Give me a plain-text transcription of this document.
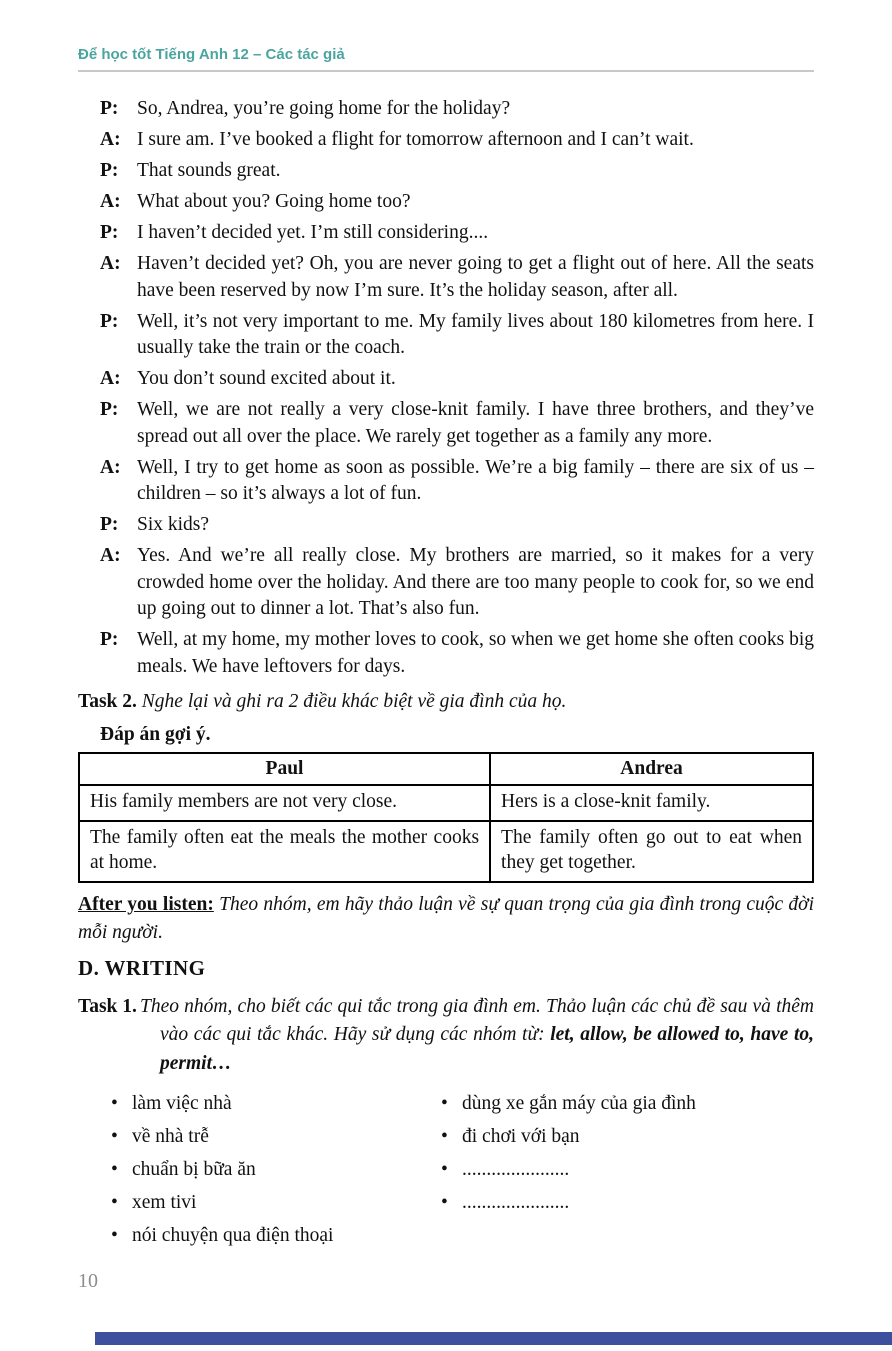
Để học tốt Tiếng Anh 12 – Các tác giả

P: So, Andrea, you’re going home for the holiday?

A: I sure am. I’ve booked a flight for tomorrow afternoon and I can’t wait.

P: That sounds great.

A: What about you? Going home too?

P: I haven’t decided yet. I’m still considering....

A: Haven’t decided yet? Oh, you are never going to get a flight out of here. All the seats have been reserved by now I’m sure. It’s the holiday season, after all.

P: Well, it’s not very important to me. My family lives about 180 kilometres from here. I usually take the train or the coach.

A: You don’t sound excited about it.

P: Well, we are not really a very close-knit family. I have three brothers, and they’ve spread out all over the place. We rarely get together as a family any more.

A: Well, I try to get home as soon as possible. We’re a big family – there are six of us – children – so it’s always a lot of fun.

P: Six kids?

A: Yes. And we’re all really close. My brothers are married, so it makes for a very crowded home over the holiday. And there are too many people to cook for, so we end up going out to dinner a lot. That’s also fun.

P: Well, at my home, my mother loves to cook, so when we get home she often cooks big meals. We have leftovers for days.

Task 2. Nghe lại và ghi ra 2 điều khác biệt về gia đình của họ.

Đáp án gợi ý.

Paul	Andrea
His family members are not very close.	Hers is a close-knit family.
The family often eat the meals the mother cooks at home.	The family often go out to eat when they get together.

After you listen: Theo nhóm, em hãy thảo luận về sự quan trọng của gia đình trong cuộc đời mỗi người.

D. WRITING

Task 1. Theo nhóm, cho biết các qui tắc trong gia đình em. Thảo luận các chủ đề sau và thêm vào các qui tắc khác. Hãy sử dụng các nhóm từ: let, allow, be allowed to, have to, permit…

• làm việc nhà
• về nhà trễ
• chuẩn bị bữa ăn
• xem tivi
• nói chuyện qua điện thoại
• dùng xe gắn máy của gia đình
• đi chơi với bạn
• ......................
• ......................
10
